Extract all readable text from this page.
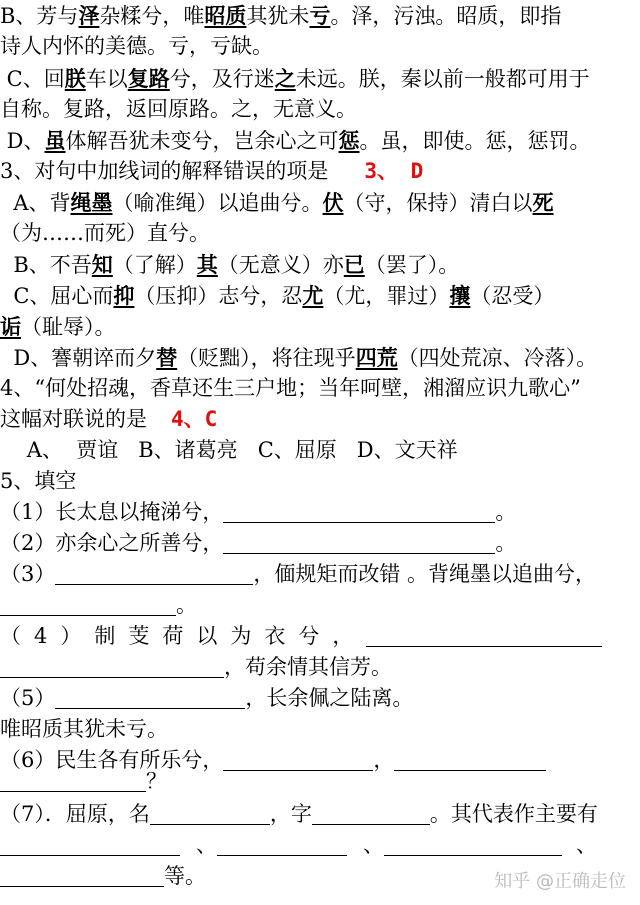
B、芳与泽杂糅兮，唯昭质其犹未亏。泽，污浊。昭质，即指
诗人内怀的美德。亏，亏缺。
C、回朕车以复路兮，及行迷之未远。朕，秦以前一般都可用于
自称。复路，返回原路。之，无意义。
D、虽体解吾犹未变兮，岂余心之可惩。虽，即使。惩，惩罚。
3、对句中加线词的解释错误的项是 3、 D
A、背绳墨（喻准绳）以追曲兮。伏（守，保持）清白以死
（为……而死）直兮。
B、不吾知（了解）其（无意义）亦已（罢了）。
C、屈心而抑（压抑）志兮，忍尤（尤，罪过）攘（忍受）
诟（耻辱）。
D、謇朝谇而夕替（贬黜），将往现乎四荒（四处荒凉、冷落）。
4、“何处招魂，香草还生三户地；当年呵壁，湘溜应识九歌心”
这幅对联说的是 4、C
A、  贾谊   B、诸葛亮   C、屈原   D、文天祥
5、填空
（1）长太息以掩涕兮，	。
（2）亦余心之所善兮，	。
（3）	，偭规矩而改错 。背绳墨以追曲兮，
。
（4）制芰荷以为衣兮，
，苟余情其信芳。
（5）	，长余佩之陆离。
唯昭质其犹未亏。
（6）民生各有所乐兮，	，
？
（7）．屈原，名	，字	。其代表作主要有
、	、	、
等。	知乎 @正确走位
